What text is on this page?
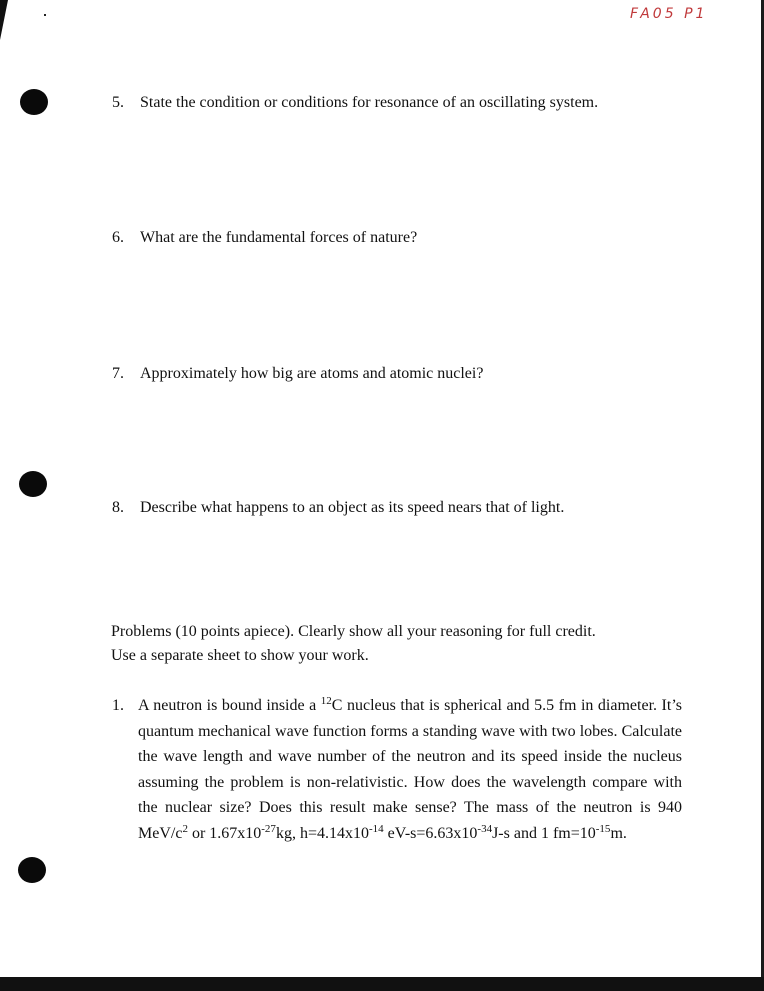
FA05 P1
5. State the condition or conditions for resonance of an oscillating system.
6. What are the fundamental forces of nature?
7. Approximately how big are atoms and atomic nuclei?
8. Describe what happens to an object as its speed nears that of light.

Problems (10 points apiece). Clearly show all your reasoning for full credit.

Use a separate sheet to show your work.

1. A neutron is bound inside a $^{12}$C nucleus that is spherical and 5.5 fm in diameter. It’s quantum mechanical wave function forms a standing wave with two lobes. Calculate the wave length and wave number of the neutron and its speed inside the nucleus assuming the problem is non-relativistic. How does the wavelength compare with the nuclear size? Does this result make sense? The mass of the neutron is 940 MeV/$c^2$ or $1.67x10^{-27}kg$, $h=4.14x10^{-14}$ $eV-s=6.63x10^{-34}J-s$ and 1 $fm=10^{-15}m$.
